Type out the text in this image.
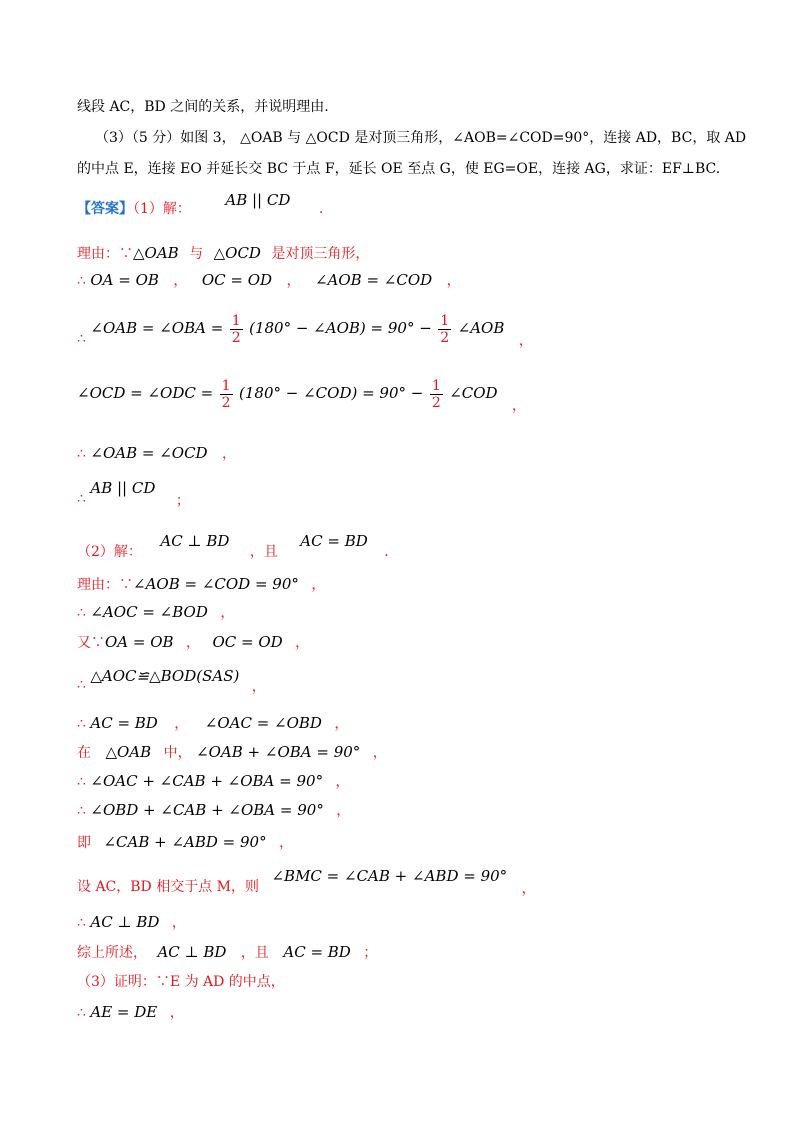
线段 AC，BD 之间的关系，并说明理由.
（3）（5 分）如图 3， △OAB 与 △OCD 是对顶三角形，∠AOB=∠COD=90°，连接 AD，BC，取 AD
的中点 E，连接 EO 并延长交 BC 于点 F，延长 OE 至点 G，使 EG=OE，连接 AG，求证：EF⊥BC.
【答案】（1）解： AB || CD .
理由：∵△OAB 与 △OCD 是对顶三角形，
∴ OA = OB ， OC = OD ， ∠AOB = ∠COD ，
∴ ∠OAB = ∠OBA = $\frac{1}{2} (180^\circ$ − ∠AOB) = $90^\circ - \frac{1}{2}$ ∠AOB ，
∠OCD = ∠ODC = $\frac{1}{2} (180^\circ$ − ∠COD) = $90^\circ - \frac{1}{2}$ ∠COD ，
∴ ∠OAB = ∠OCD ，
∴ AB || CD ；
（2）解： AC ⊥ BD ，且 AC = BD .
理由：∵∠AOB = ∠COD = 90° ，
∴ ∠AOC = ∠BOD ，
又∵OA = OB ， OC = OD ，
∴ △AOC≌△BOD(SAS) ，
∴ AC = BD ， ∠OAC = ∠OBD ，
在 △OAB 中， ∠OAB + ∠OBA = 90° ，
∴ ∠OAC + ∠CAB + ∠OBA = 90° ，
∴ ∠OBD + ∠CAB + ∠OBA = 90° ，
即 ∠CAB + ∠ABD = 90° ，
设 AC，BD 相交于点 M，则 ∠BMC = ∠CAB + ∠ABD = 90° ，
∴ AC ⊥ BD ，
综上所述， AC ⊥ BD ，且 AC = BD ；
（3）证明：∵E 为 AD 的中点，
∴ AE = DE ，
